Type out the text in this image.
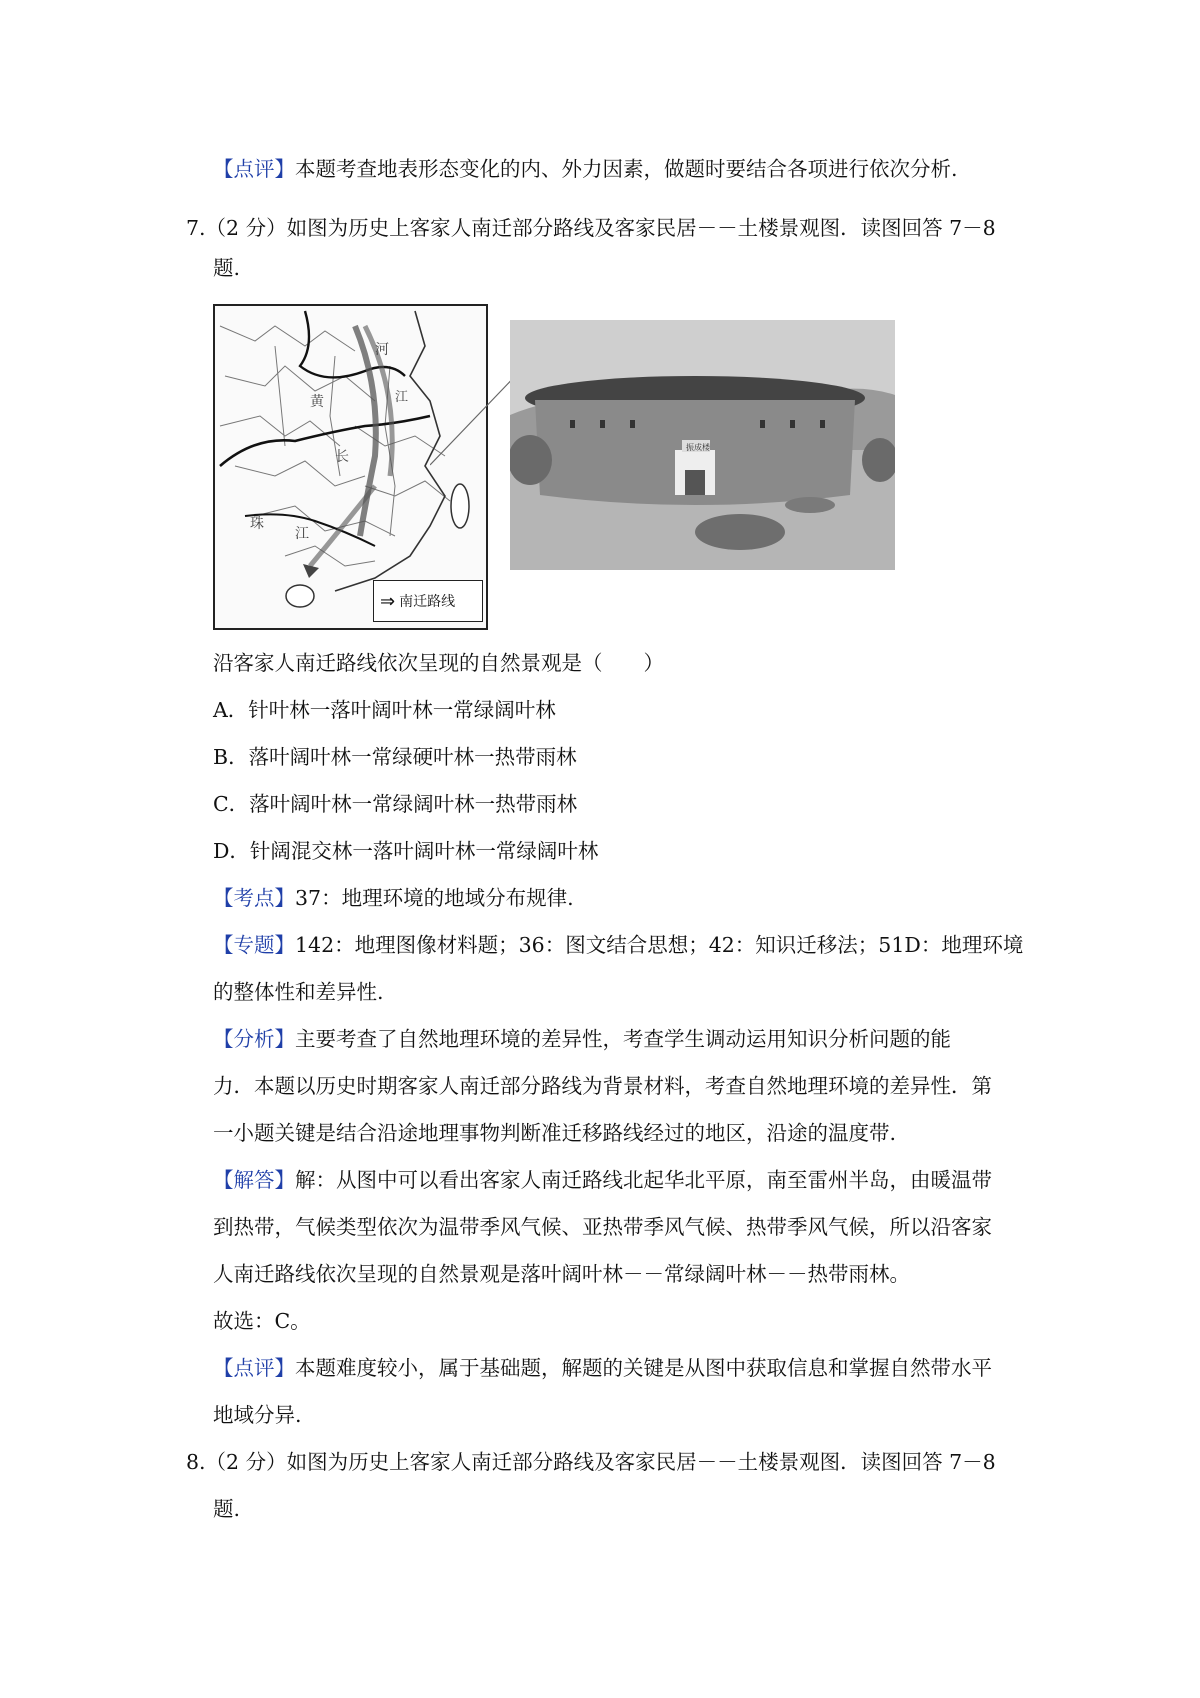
【点评】本题考查地表形态变化的内、外力因素，做题时要结合各项进行依次分析.
7.（2 分）如图为历史上客家人南迁部分路线及客家民居－－土楼景观图．读图回答 7－8
题.
河
黄	江
长
珠
江
⇒ 南迁路线
振成楼
沿客家人南迁路线依次呈现的自然景观是（　　）
A．针叶林一落叶阔叶林一常绿阔叶林
B．落叶阔叶林一常绿硬叶林一热带雨林
C．落叶阔叶林一常绿阔叶林一热带雨林
D．针阔混交林一落叶阔叶林一常绿阔叶林
【考点】37：地理环境的地域分布规律.
【专题】142：地理图像材料题；36：图文结合思想；42：知识迁移法；51D：地理环境
的整体性和差异性.
【分析】主要考查了自然地理环境的差异性，考查学生调动运用知识分析问题的能
力．本题以历史时期客家人南迁部分路线为背景材料，考查自然地理环境的差异性．第
一小题关键是结合沿途地理事物判断准迁移路线经过的地区，沿途的温度带.
【解答】解：从图中可以看出客家人南迁路线北起华北平原，南至雷州半岛，由暖温带
到热带，气候类型依次为温带季风气候、亚热带季风气候、热带季风气候，所以沿客家
人南迁路线依次呈现的自然景观是落叶阔叶林－－常绿阔叶林－－热带雨林。
故选：C。
【点评】本题难度较小，属于基础题，解题的关键是从图中获取信息和掌握自然带水平
地域分异.
8.（2 分）如图为历史上客家人南迁部分路线及客家民居－－土楼景观图．读图回答 7－8
题.
